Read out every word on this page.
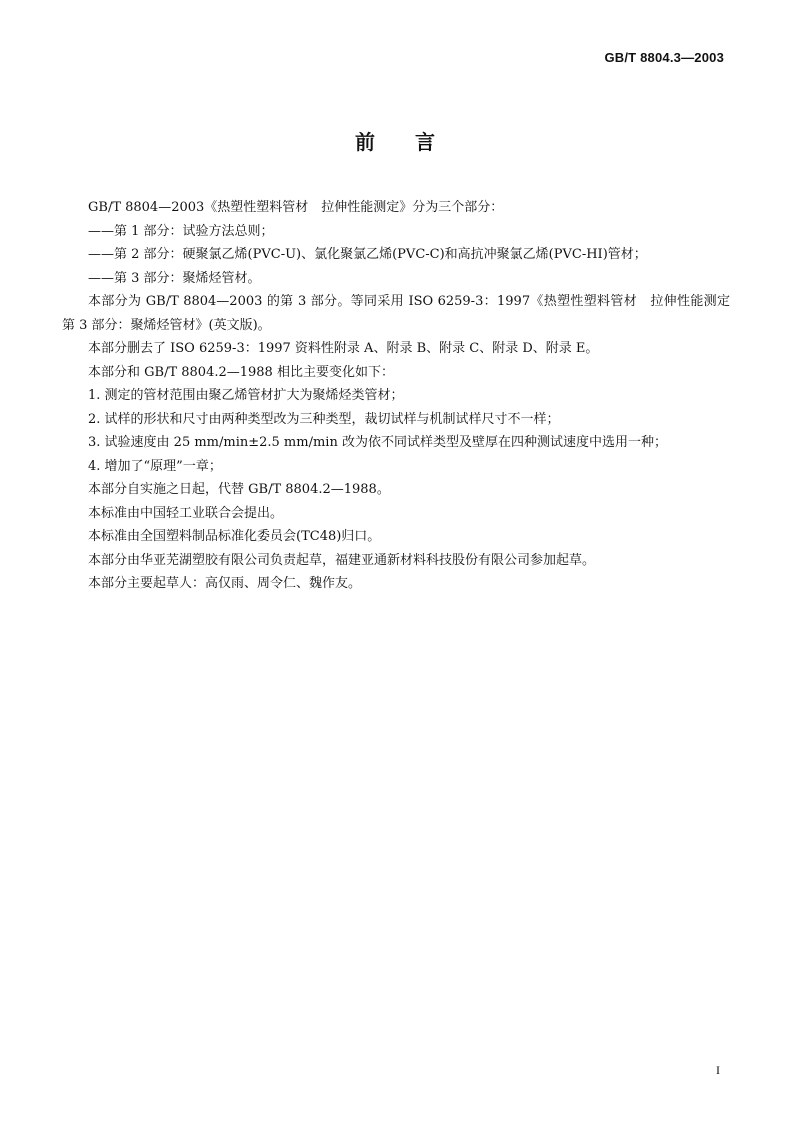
GB/T 8804.3—2003
前 言

GB/T 8804—2003《热塑性塑料管材　拉伸性能测定》分为三个部分：

——第 1 部分：试验方法总则；

——第 2 部分：硬聚氯乙烯(PVC-U)、氯化聚氯乙烯(PVC-C)和高抗冲聚氯乙烯(PVC-HI)管材；

——第 3 部分：聚烯烃管材。

本部分为 GB/T 8804—2003 的第 3 部分。等同采用 ISO 6259-3：1997《热塑性塑料管材　拉伸性能测定　第 3 部分：聚烯烃管材》(英文版)。

本部分删去了 ISO 6259-3：1997 资料性附录 A、附录 B、附录 C、附录 D、附录 E。

本部分和 GB/T 8804.2—1988 相比主要变化如下：

1. 测定的管材范围由聚乙烯管材扩大为聚烯烃类管材；

2. 试样的形状和尺寸由两种类型改为三种类型，裁切试样与机制试样尺寸不一样；

3. 试验速度由 25 mm/min±2.5 mm/min 改为依不同试样类型及壁厚在四种测试速度中选用一种；

4. 增加了“原理”一章；

本部分自实施之日起，代替 GB/T 8804.2—1988。

本标准由中国轻工业联合会提出。

本标准由全国塑料制品标准化委员会(TC48)归口。

本部分由华亚芜湖塑胶有限公司负责起草，福建亚通新材料科技股份有限公司参加起草。

本部分主要起草人：高仅雨、周令仁、魏作友。

I
